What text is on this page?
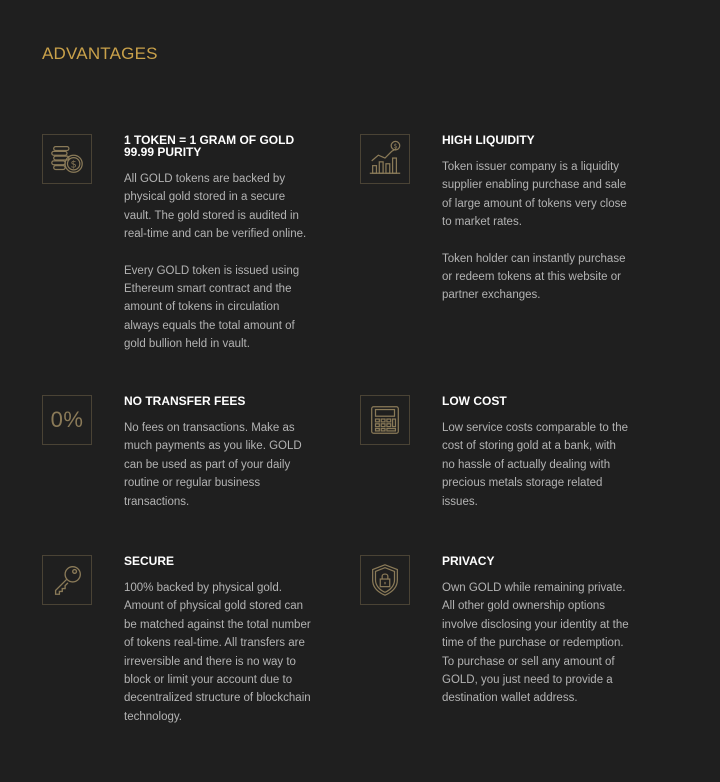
ADVANTAGES
$
1 TOKEN = 1 GRAM OF GOLD
99.99 PURITY

All GOLD tokens are backed by
physical gold stored in a secure
vault. The gold stored is audited in
real-time and can be verified online.

Every GOLD token is issued using
Ethereum smart contract and the
amount of tokens in circulation
always equals the total amount of
gold bullion held in vault.

$	HIGH LIQUIDITY

Token issuer company is a liquidity
supplier enabling purchase and sale
of large amount of tokens very close
to market rates.

Token holder can instantly purchase
or redeem tokens at this website or
partner exchanges.

0%
NO TRANSFER FEES

No fees on transactions. Make as
much payments as you like. GOLD
can be used as part of your daily
routine or regular business
transactions.

LOW COST

Low service costs comparable to the
cost of storing gold at a bank, with
no hassle of actually dealing with
precious metals storage related
issues.

SECURE

100% backed by physical gold.
Amount of physical gold stored can
be matched against the total number
of tokens real-time. All transfers are
irreversible and there is no way to
block or limit your account due to
decentralized structure of blockchain
technology.

PRIVACY

Own GOLD while remaining private.
All other gold ownership options
involve disclosing your identity at the
time of the purchase or redemption.
To purchase or sell any amount of
GOLD, you just need to provide a
destination wallet address.
